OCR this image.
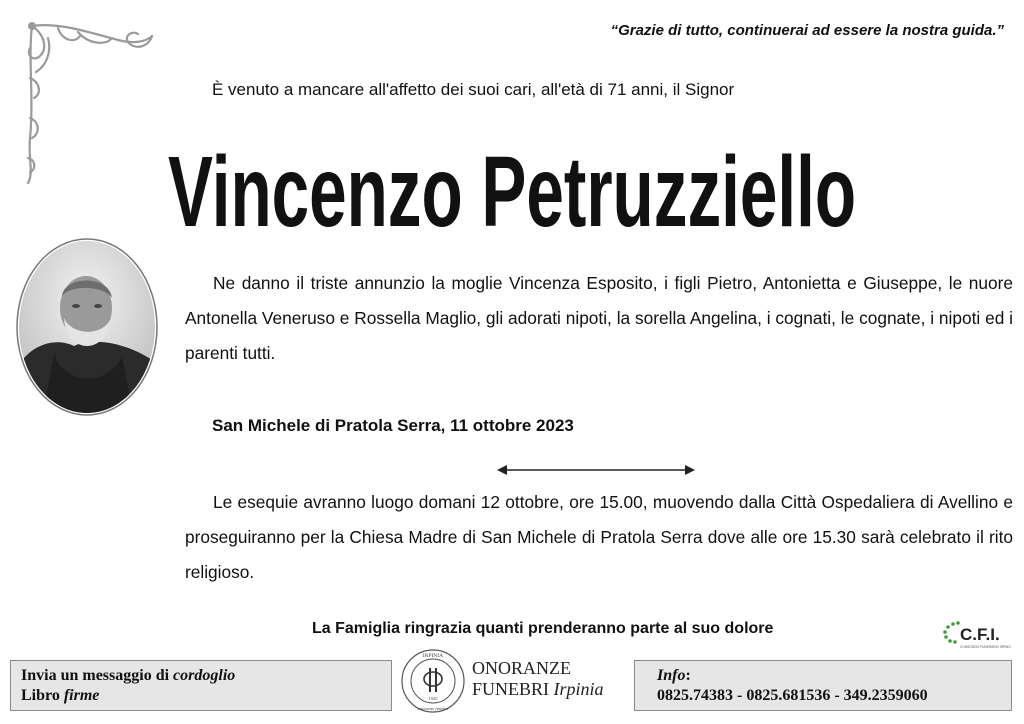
“Grazie di tutto, continuerai ad essere la nostra guida.”
È venuto a mancare all'affetto dei suoi cari, all'età di 71 anni, il Signor
Vincenzo Petruzziello
Ne danno il triste annunzio la moglie Vincenza Esposito, i figli Pietro, Antonietta e Giuseppe, le nuore Antonella Veneruso e Rossella Maglio, gli adorati nipoti, la sorella Angelina, i cognati, le cognate, i nipoti ed i parenti tutti.
San Michele di Pratola Serra, 11 ottobre 2023
Le esequie avranno luogo domani 12 ottobre, ore 15.00, muovendo dalla Città Ospedaliera di Avellino e proseguiranno per la Chiesa Madre di San Michele di Pratola Serra dove alle ore 15.30 sarà celebrato il rito religioso.
La Famiglia ringrazia quanti prenderanno parte al suo dolore	C.F.I.
CONSORZIO FUNERARIO IRPINO
Invia un messaggio di cordoglio
Libro firme
IRPINIA
onoranze funebri
1920
ONORANZE
FUNEBRI Irpinia
Info:
0825.74383 - 0825.681536 - 349.2359060
